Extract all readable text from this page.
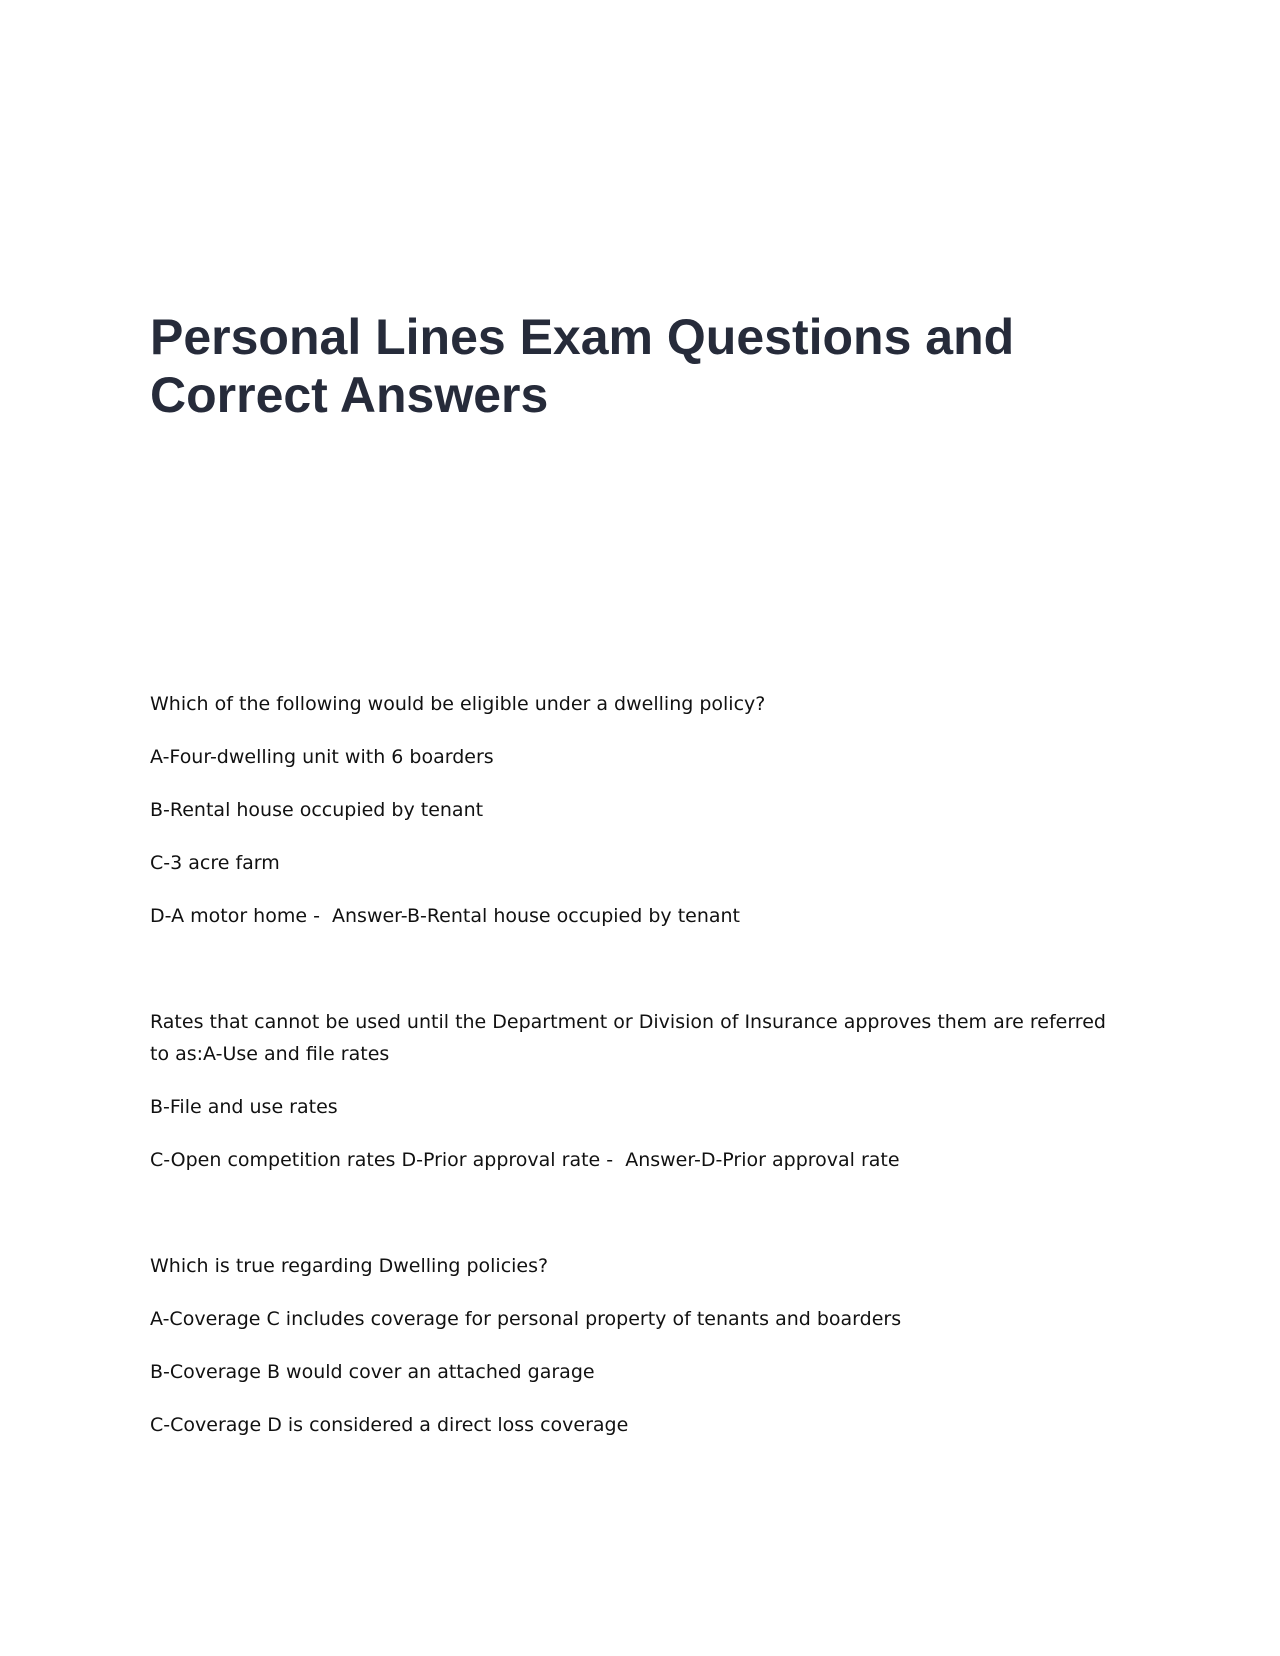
Personal Lines Exam Questions and Correct Answers

Which of the following would be eligible under a dwelling policy?

A-Four-dwelling unit with 6 boarders

B-Rental house occupied by tenant

C-3 acre farm

D-A motor home -  Answer-B-Rental house occupied by tenant

Rates that cannot be used until the Department or Division of Insurance approves them are referred to as:A-Use and file rates

B-File and use rates

C-Open competition rates D-Prior approval rate -  Answer-D-Prior approval rate

Which is true regarding Dwelling policies?

A-Coverage C includes coverage for personal property of tenants and boarders

B-Coverage B would cover an attached garage

C-Coverage D is considered a direct loss coverage
